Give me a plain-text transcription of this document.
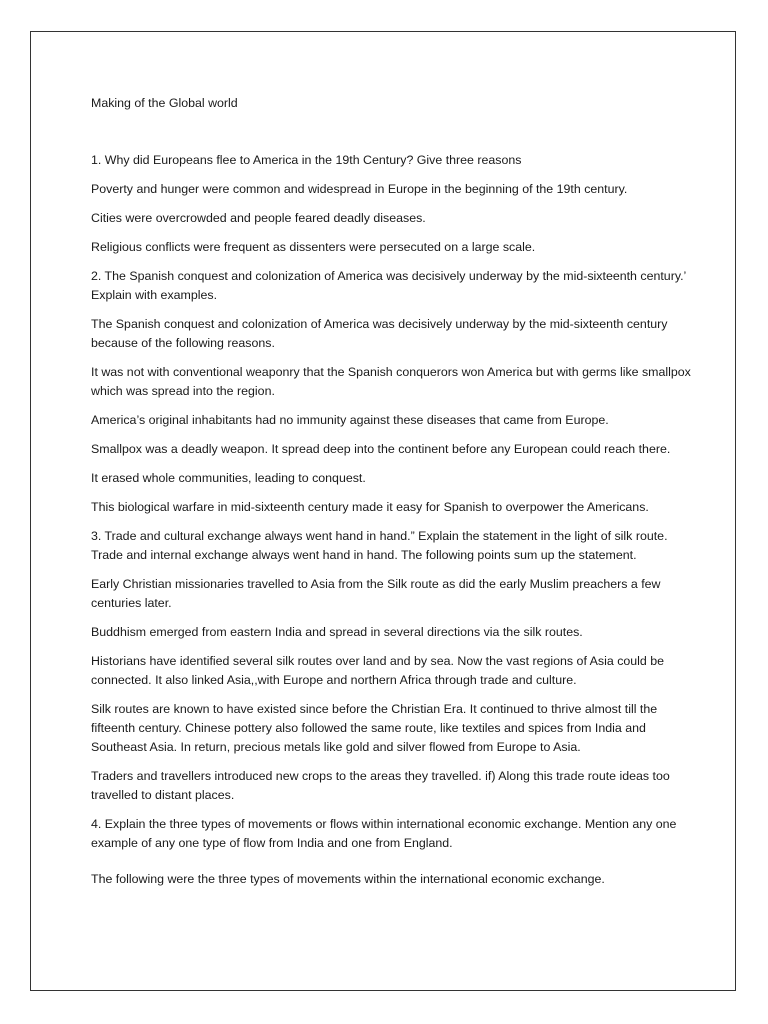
Making of the Global world

1. Why did Europeans flee to America in the 19th Century? Give three reasons

Poverty and hunger were common and widespread in Europe in the beginning of the 19th century.

Cities were overcrowded and people feared deadly diseases.

Religious conflicts were frequent as dissenters were persecuted on a large scale.

2. The Spanish conquest and colonization of America was decisively underway by the mid-sixteenth century.’ Explain with examples.

The Spanish conquest and colonization of America was decisively underway by the mid-sixteenth century because of the following reasons.

It was not with conventional weaponry that the Spanish conquerors won America but with germs like smallpox which was spread into the region.

America’s original inhabitants had no immunity against these diseases that came from Europe.

Smallpox was a deadly weapon. It spread deep into the continent before any European could reach there.

It erased whole communities, leading to conquest.

This biological warfare in mid-sixteenth century made it easy for Spanish to overpower the Americans.

3. Trade and cultural exchange always went hand in hand.” Explain the statement in the light of silk route.

Trade and internal exchange always went hand in hand. The following points sum up the statement.

Early Christian missionaries travelled to Asia from the Silk route as did the early Muslim preachers a few centuries later.

Buddhism emerged from eastern India and spread in several directions via the silk routes.

Historians have identified several silk routes over land and by sea. Now the vast regions of Asia could be connected. It also linked Asia,,with Europe and northern Africa through trade and culture.

Silk routes are known to have existed since before the Christian Era. It continued to thrive almost till the fifteenth century. Chinese pottery also followed the same route, like textiles and spices from India and Southeast Asia. In return, precious metals like gold and silver flowed from Europe to Asia.

Traders and travellers introduced new crops to the areas they travelled. if) Along this trade route ideas too travelled to distant places.

4. Explain the three types of movements or flows within international economic exchange. Mention any one example of any one type of flow from India and one from England.

The following were the three types of movements within the international economic exchange.
